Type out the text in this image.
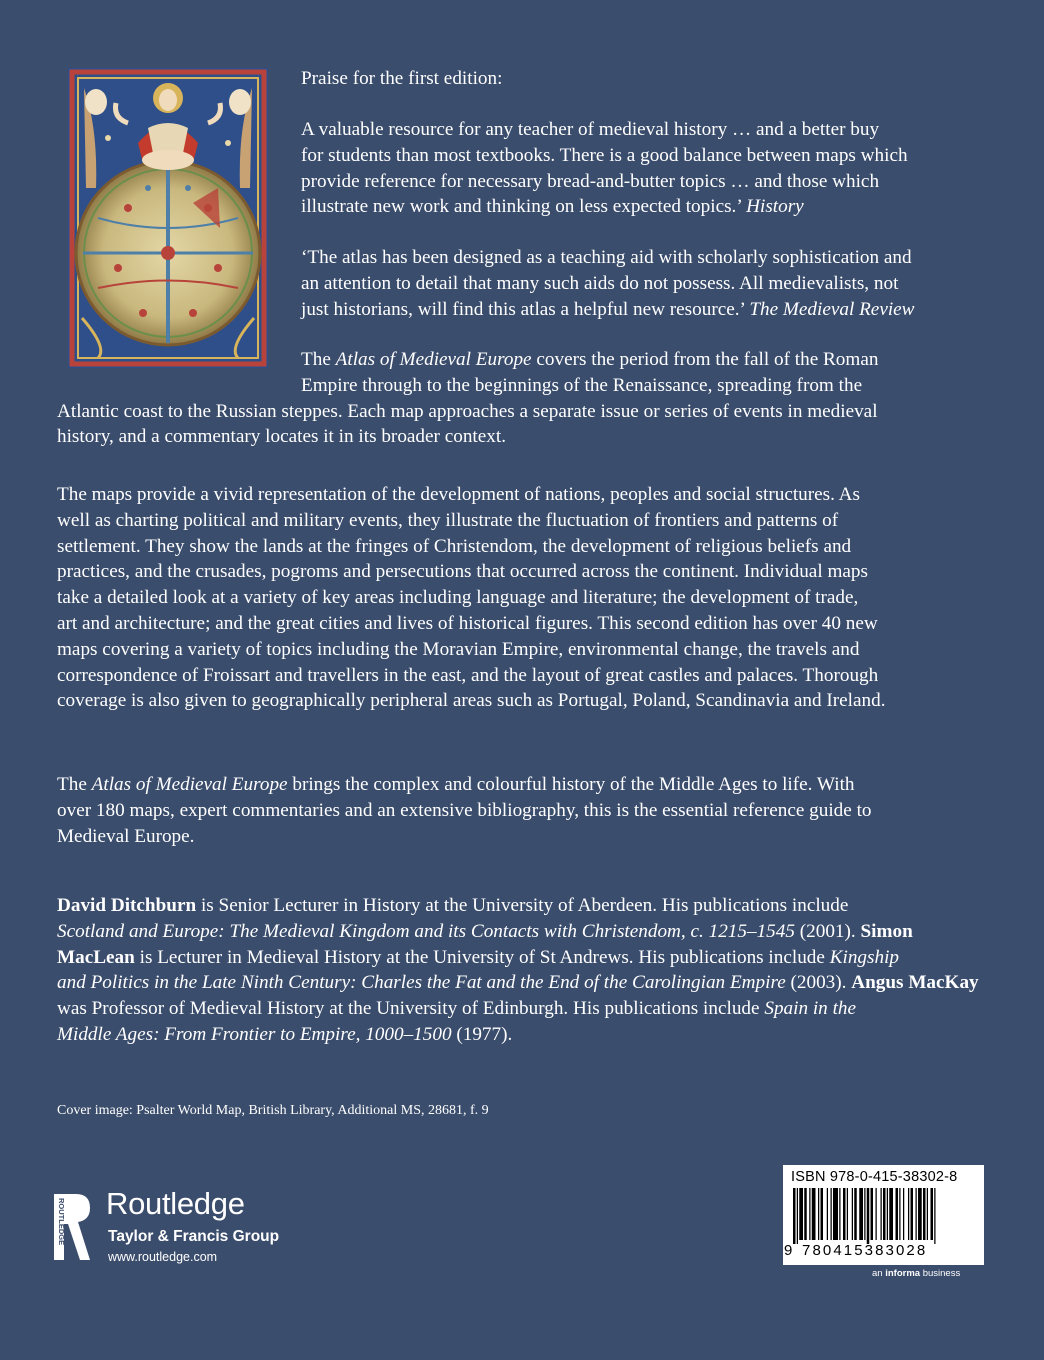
Praise for the first edition:

A valuable resource for any teacher of medieval history … and a better buy
for students than most textbooks. There is a good balance between maps which
provide reference for necessary bread-and-butter topics … and those which
illustrate new work and thinking on less expected topics.’ History

‘The atlas has been designed as a teaching aid with scholarly sophistication and
an attention to detail that many such aids do not possess. All medievalists, not
just historians, will find this atlas a helpful new resource.’ The Medieval Review

The Atlas of Medieval Europe covers the period from the fall of the Roman
Empire through to the beginnings of the Renaissance, spreading from the
Atlantic coast to the Russian steppes. Each map approaches a separate issue or series of events in medieval
history, and a commentary locates it in its broader context.

The maps provide a vivid representation of the development of nations, peoples and social structures. As
well as charting political and military events, they illustrate the fluctuation of frontiers and patterns of
settlement. They show the lands at the fringes of Christendom, the development of religious beliefs and
practices, and the crusades, pogroms and persecutions that occurred across the continent. Individual maps
take a detailed look at a variety of key areas including language and literature; the development of trade,
art and architecture; and the great cities and lives of historical figures. This second edition has over 40 new
maps covering a variety of topics including the Moravian Empire, environmental change, the travels and
correspondence of Froissart and travellers in the east, and the layout of great castles and palaces. Thorough
coverage is also given to geographically peripheral areas such as Portugal, Poland, Scandinavia and Ireland.

The Atlas of Medieval Europe brings the complex and colourful history of the Middle Ages to life. With
over 180 maps, expert commentaries and an extensive bibliography, this is the essential reference guide to
Medieval Europe.

David Ditchburn is Senior Lecturer in History at the University of Aberdeen. His publications include
Scotland and Europe: The Medieval Kingdom and its Contacts with Christendom, c. 1215–1545 (2001). Simon
MacLean is Lecturer in Medieval History at the University of St Andrews. His publications include Kingship
and Politics in the Late Ninth Century: Charles the Fat and the End of the Carolingian Empire (2003). Angus MacKay
was Professor of Medieval History at the University of Edinburgh. His publications include Spain in the
Middle Ages: From Frontier to Empire, 1000–1500 (1977).

Cover image: Psalter World Map, British Library, Additional MS, 28681, f. 9
ROUTLEDGE Routledge
Taylor & Francis Group
www.routledge.com
ISBN 978-0-415-38302-8
9 780415383028
an informa business
